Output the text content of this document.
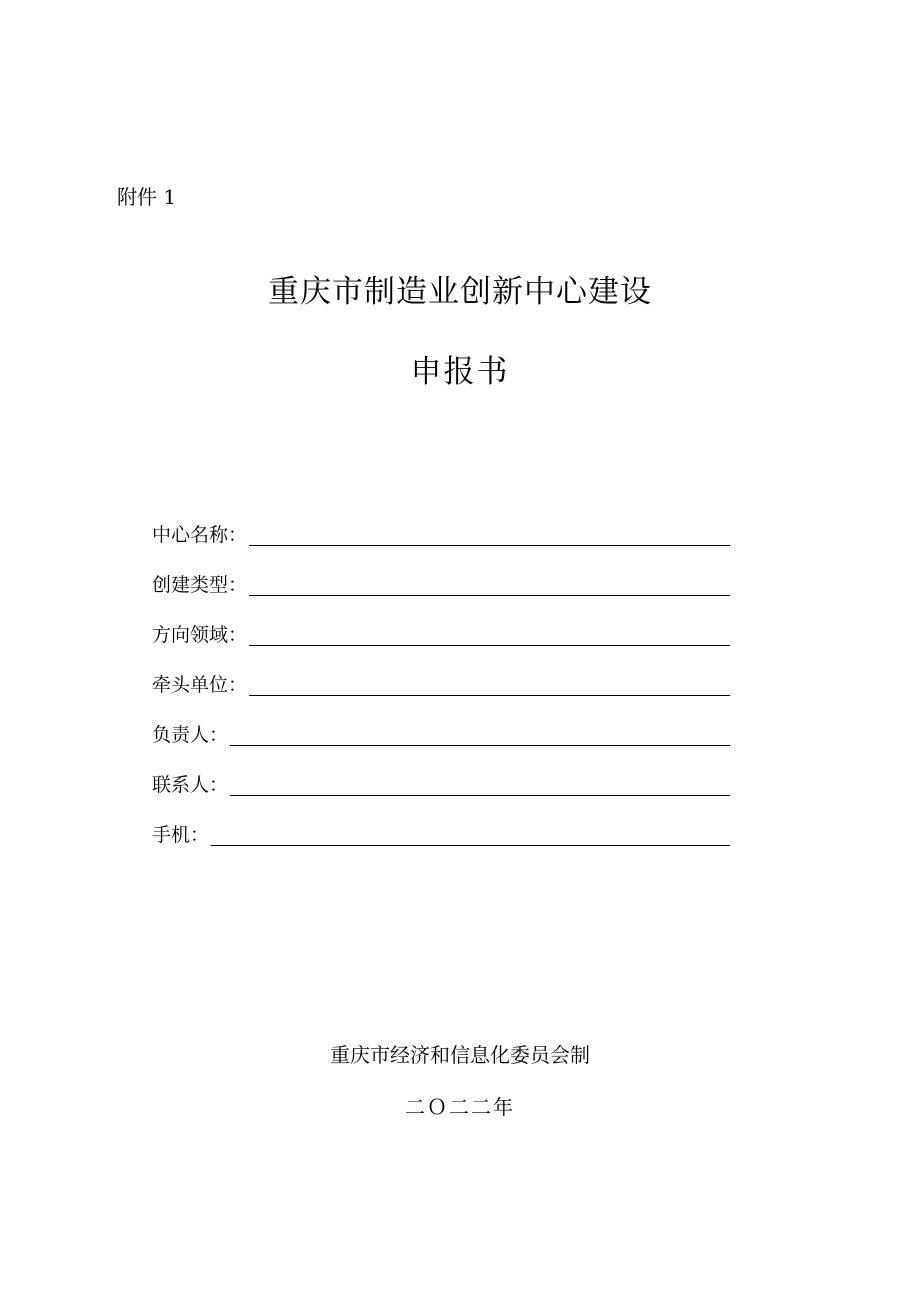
附件 1
重庆市制造业创新中心建设
申报书
中心名称：
创建类型：
方向领域：
牵头单位：
负责人：
联系人：
手机：
重庆市经济和信息化委员会制
二Ｏ二二年
